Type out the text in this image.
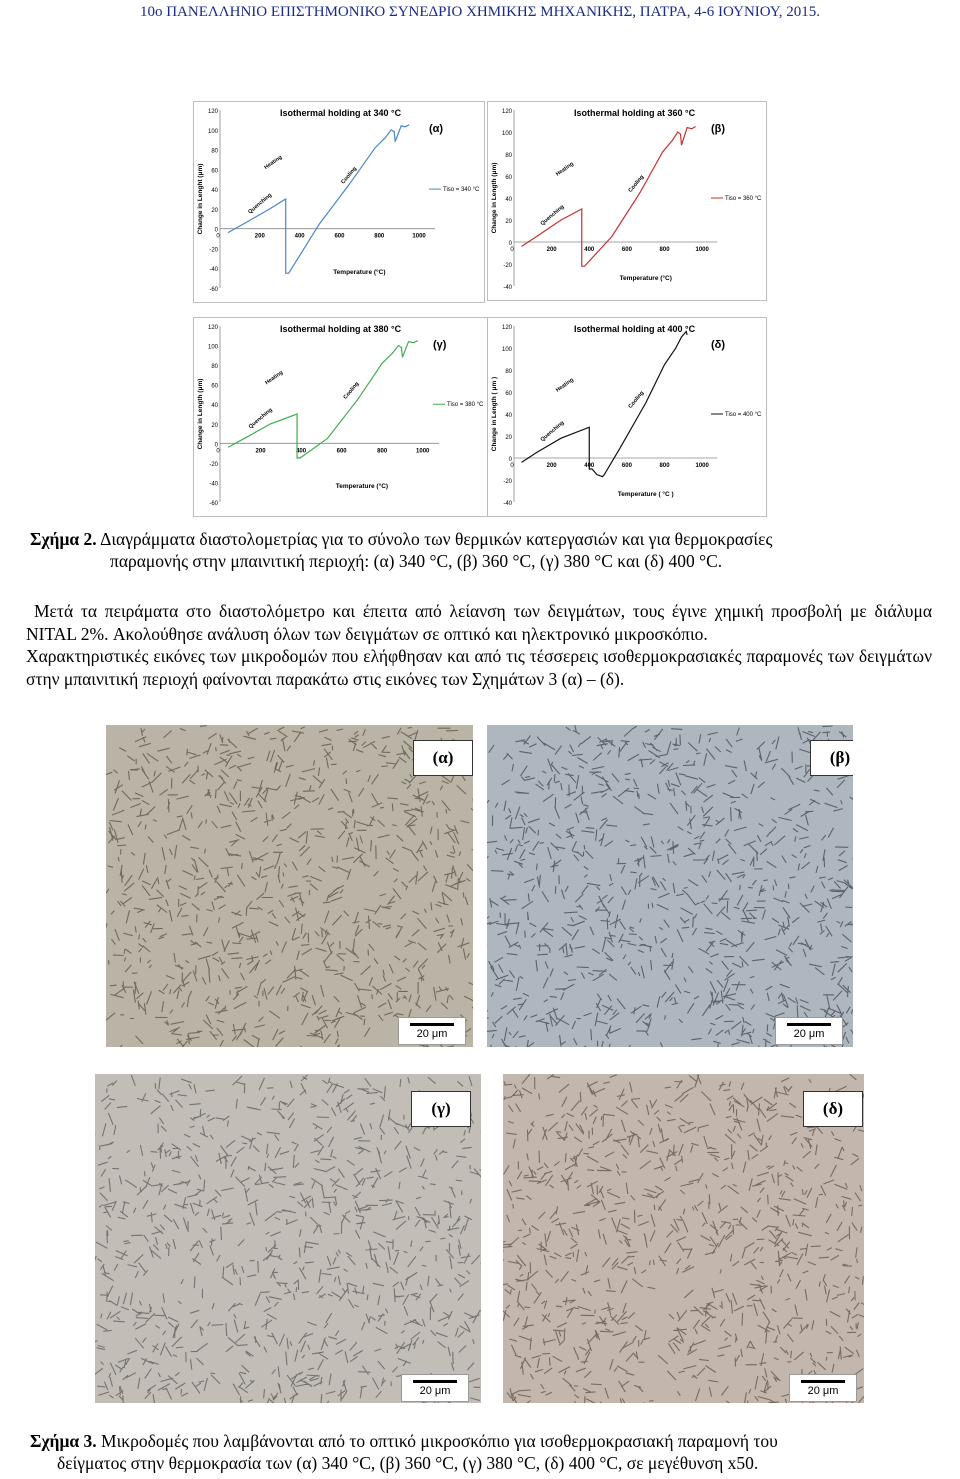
10ο ΠΑΝΕΛΛΗΝΙΟ ΕΠΙΣΤΗΜΟΝΙΚΟ ΣΥΝΕΔΡΙΟ ΧΗΜΙΚΗΣ ΜΗΧΑΝΙΚΗΣ, ΠΑΤΡΑ, 4-6 ΙΟΥΝΙΟΥ, 2015.
Isothermal holding at 340 °C
(α)
120
100
80
60
40
20
0
-20
-40
-60
200	400	600	800	1000
0
Temperature (°C)
Change in Lenght (μm)	Tiso = 340 °C
Heating
Cooling
Quenching
Isothermal holding at 360 °C
(β)
120
100
80
60
40
20
0
-20
-40
200	400	600	800	1000
0
Temperature (°C)
Change in Length (μm)	Tiso = 360 °C
Heating
Cooling
Quenching
Isothermal holding at 380 °C
(γ)
120
100
80
60
40
20
0
-20
-40
-60
200	400	600	800	1000
0
Temperature (°C)
Change in Length (μm)	Tiso = 380 °C
Heating
Cooling
Quenching
Isothermal holding at 400 °C
(δ)
120
100
80
60
40
20
0
-20
-40
200	400	600	800	1000
0
Temperature ( °C )
Change in Length ( μm )	Tiso = 400 °C
Heating
Cooling
Quenching
Σχήμα 2. Διαγράμματα διαστολομετρίας για το σύνολο των θερμικών κατεργασιών και για θερμοκρασίες
παραμονής στην μπαινιτική περιοχή: (α) 340 °C, (β) 360 °C, (γ) 380 °C και (δ) 400 °C.

Μετά τα πειράματα στο διαστολόμετρο και έπειτα από λείανση των δειγμάτων, τους έγινε χημική προσβολή με διάλυμα NITAL 2%. Ακολούθησε ανάλυση όλων των δειγμάτων σε οπτικό και ηλεκτρονικό μικροσκόπιο.

Χαρακτηριστικές εικόνες των μικροδομών που ελήφθησαν και από τις τέσσερεις ισοθερμοκρασιακές παραμονές των δειγμάτων στην μπαινιτική περιοχή φαίνονται παρακάτω στις εικόνες των Σχημάτων 3 (α) – (δ).

(α)
20 μm
(β)
20 μm
(γ)
20 μm
(δ)
20 μm
Σχήμα 3. Μικροδομές που λαμβάνονται από το οπτικό μικροσκόπιο για ισοθερμοκρασιακή παραμονή του
δείγματος στην θερμοκρασία των (α) 340 °C, (β) 360 °C, (γ) 380 °C, (δ) 400 °C, σε μεγέθυνση x50.
